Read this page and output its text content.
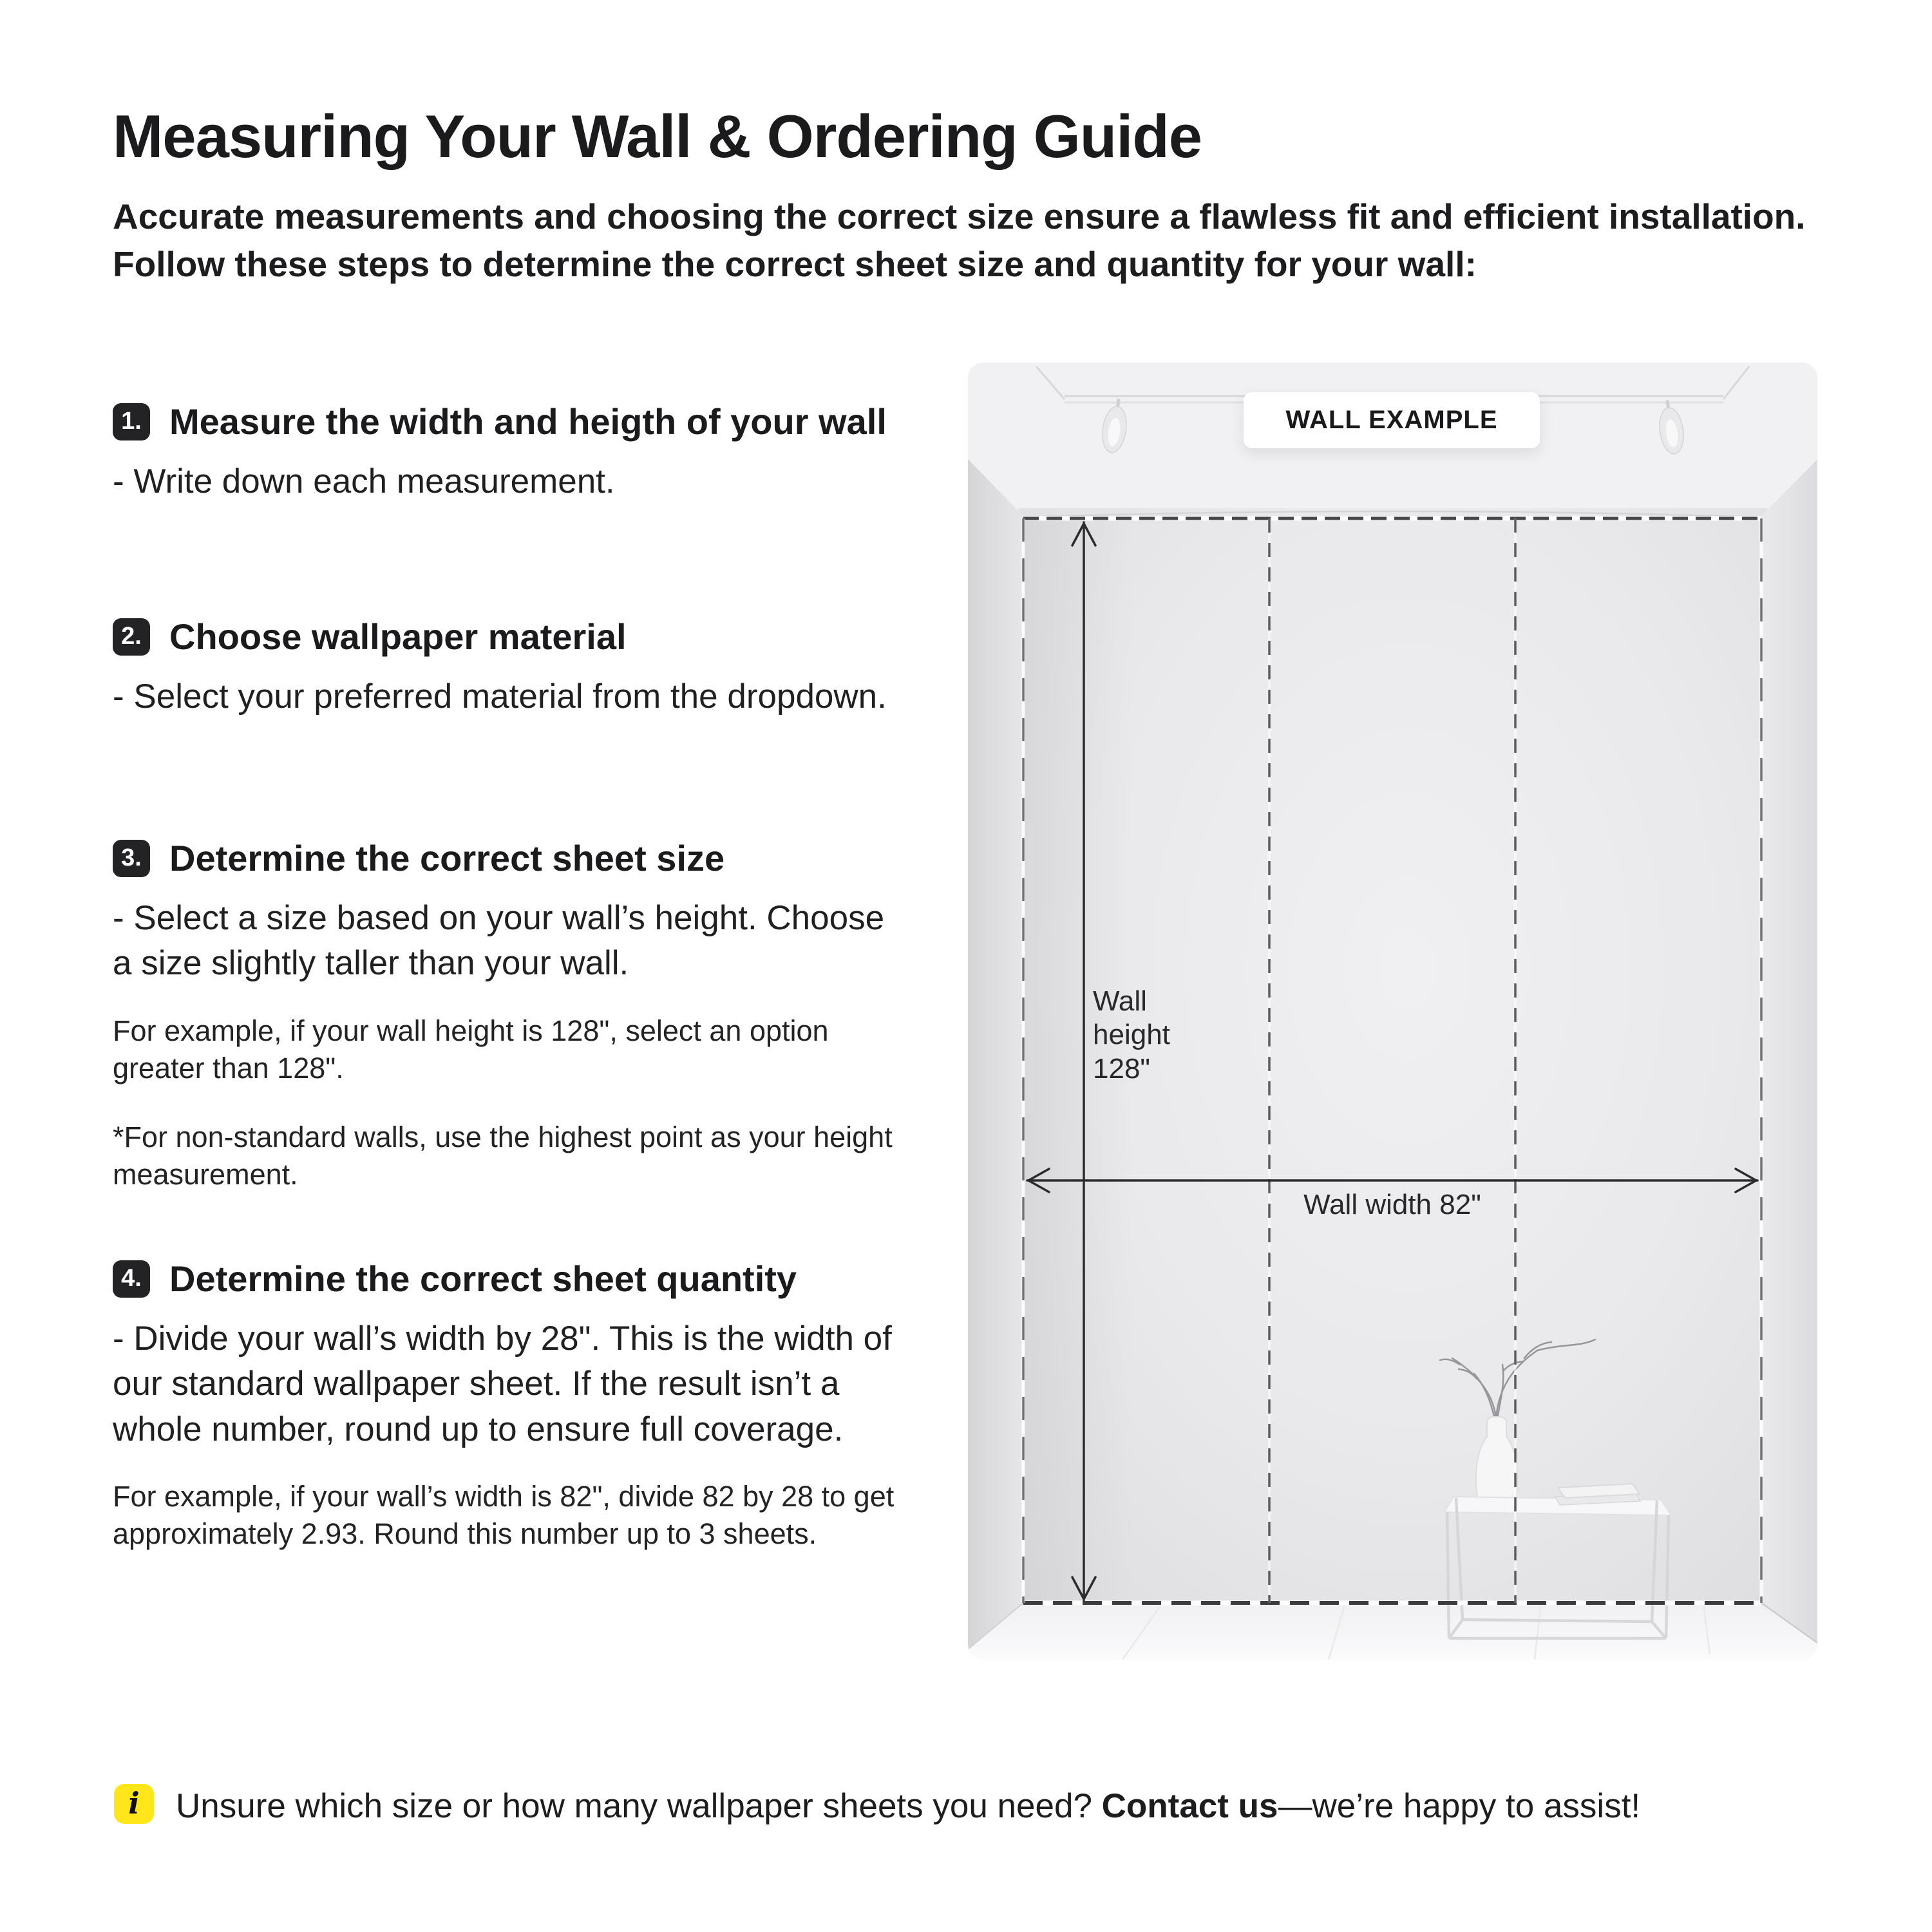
Measuring Your Wall & Ordering Guide
Accurate measurements and choosing the correct size ensure a flawless fit and efficient installation.
Follow these steps to determine the correct sheet size and quantity for your wall:
1. Measure the width and heigth of your wall

- Write down each measurement.

2. Choose wallpaper material

- Select your preferred material from the dropdown.

3. Determine the correct sheet size

- Select a size based on your wall’s height. Choose a size slightly taller than your wall.

For example, if your wall height is 128", select an option greater than 128".

*For non-standard walls, use the highest point as your height measurement.

4. Determine the correct sheet quantity

- Divide your wall’s width by 28". This is the width of our standard wallpaper sheet. If the result isn’t a whole number, round up to ensure full coverage.

For example, if your wall’s width is 82", divide 82 by 28 to get approximately 2.93. Round this number up to 3 sheets.

WALL EXAMPLE
Wall height 128"
Wall width 82"
i Unsure which size or how many wallpaper sheets you need? Contact us—we’re happy to assist!
